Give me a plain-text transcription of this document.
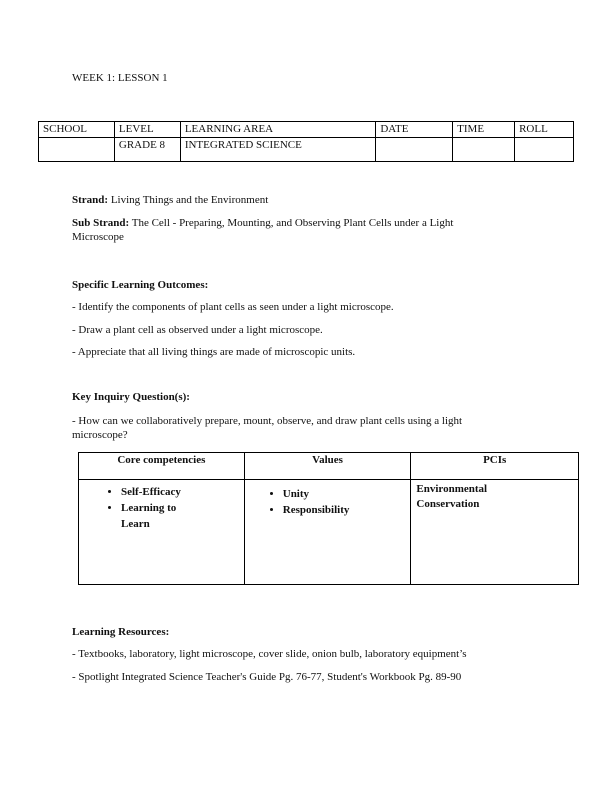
WEEK 1: LESSON 1
SCHOOL	LEVEL	LEARNING AREA	DATE	TIME	ROLL
	GRADE 8	INTEGRATED SCIENCE			
Strand: Living Things and the Environment
Sub Strand: The Cell - Preparing, Mounting, and Observing Plant Cells under a Light Microscope
Specific Learning Outcomes:
- Identify the components of plant cells as seen under a light microscope.
- Draw a plant cell as observed under a light microscope.
- Appreciate that all living things are made of microscopic units.
Key Inquiry Question(s):
- How can we collaboratively prepare, mount, observe, and draw plant cells using a light microscope?
Core competencies	Values	PCIs

• Self-Efficacy
• Learning to Learn

• Unity
• Responsibility

Environmental Conservation
Learning Resources:
- Textbooks, laboratory, light microscope, cover slide, onion bulb, laboratory equipment’s
- Spotlight Integrated Science Teacher's Guide Pg. 76-77, Student's Workbook Pg. 89-90
